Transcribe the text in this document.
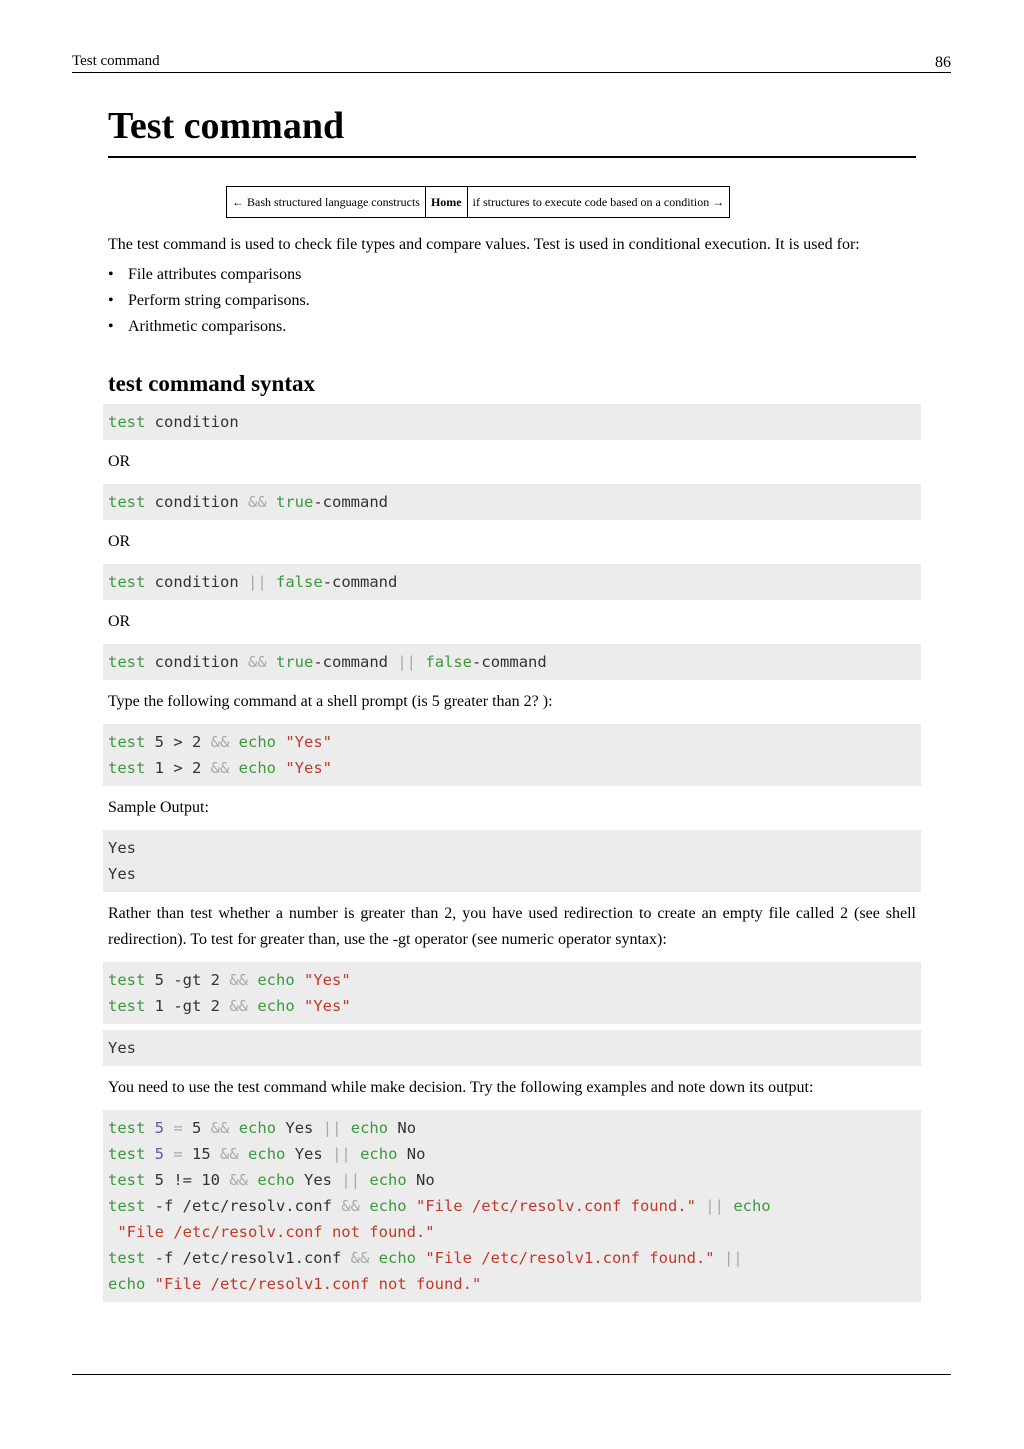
Test command	86
Test command
← Bash structured language constructs	Home	if structures to execute code based on a condition →

The test command is used to check file types and compare values. Test is used in conditional execution. It is used for:

• File attributes comparisons
• Perform string comparisons.
• Arithmetic comparisons.
test command syntax
test condition

OR

test condition && true-command

OR

test condition || false-command

OR

test condition && true-command || false-command

Type the following command at a shell prompt (is 5 greater than 2? ):

test 5 > 2 && echo "Yes"
test 1 > 2 && echo "Yes"

Sample Output:

Yes
Yes

Rather than test whether a number is greater than 2, you have used redirection to create an empty file called 2 (see shell redirection). To test for greater than, use the -gt operator (see numeric operator syntax):

test 5 -gt 2 && echo "Yes"
test 1 -gt 2 && echo "Yes"
Yes

You need to use the test command while make decision. Try the following examples and note down its output:

test 5 = 5 && echo Yes || echo No
test 5 = 15 && echo Yes || echo No
test 5 != 10 && echo Yes || echo No
test -f /etc/resolv.conf && echo "File /etc/resolv.conf found." || echo
"File /etc/resolv.conf not found."
test -f /etc/resolv1.conf && echo "File /etc/resolv1.conf found." ||
echo "File /etc/resolv1.conf not found."
